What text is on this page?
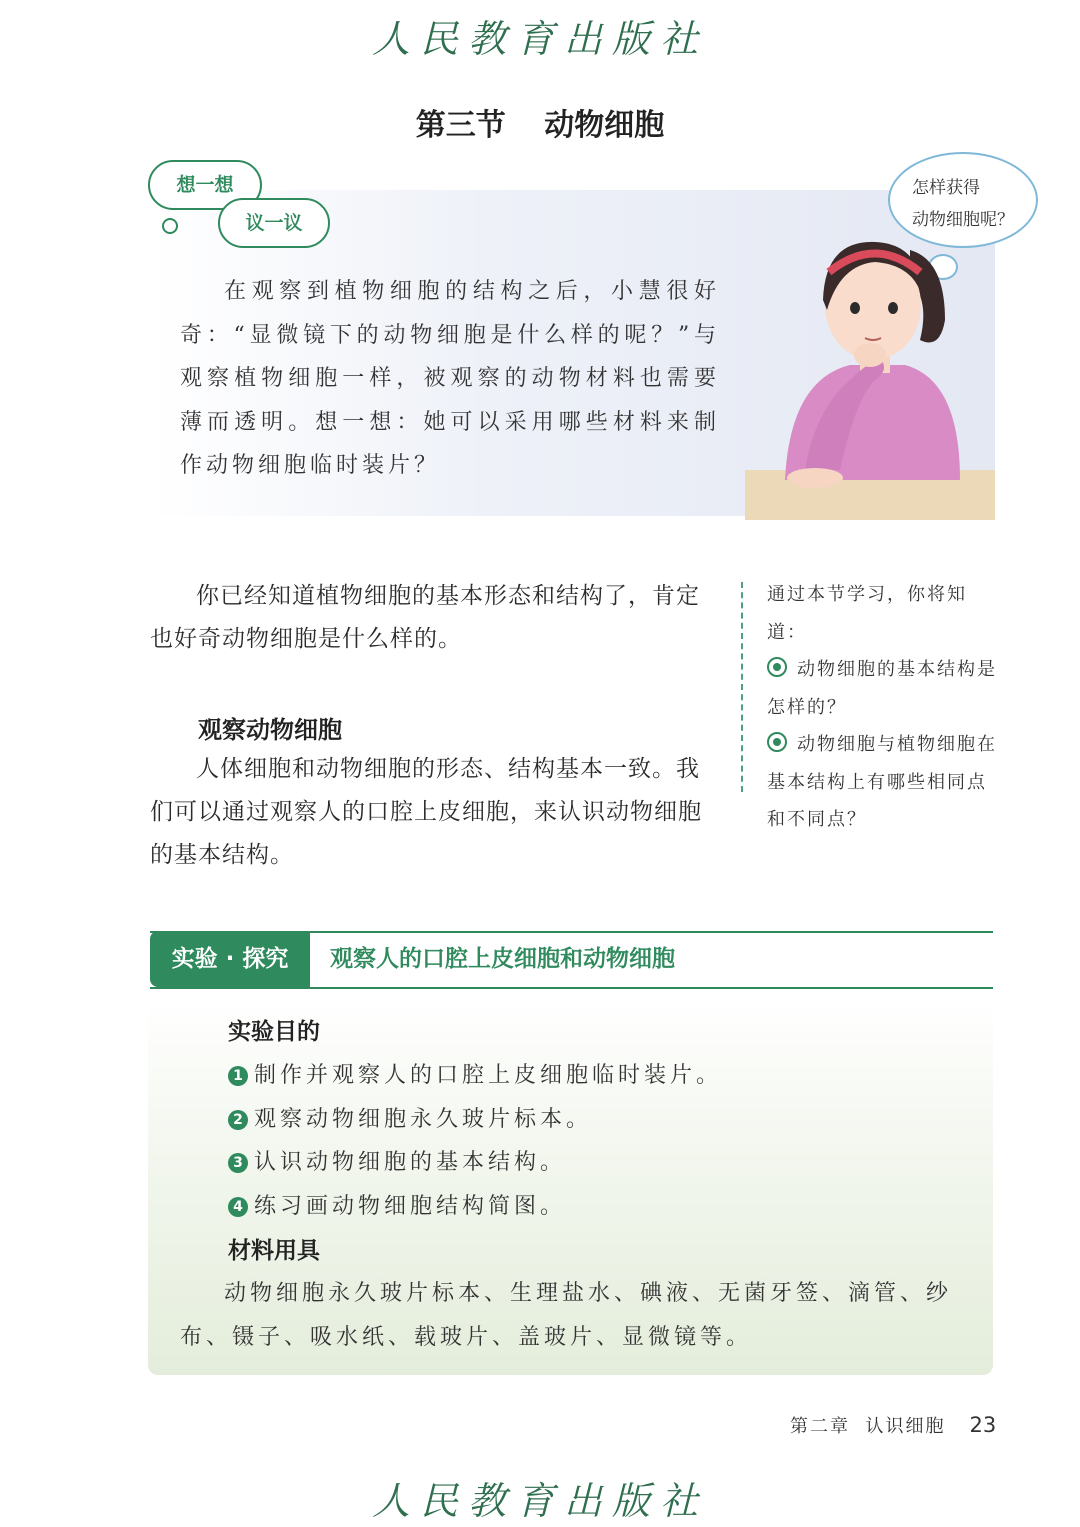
人民教育出版社
第三节 动物细胞
想一想
议一议

在观察到植物细胞的结构之后，小慧很好奇：“显微镜下的动物细胞是什么样的呢？”与观察植物细胞一样，被观察的动物材料也需要薄而透明。想一想：她可以采用哪些材料来制作动物细胞临时装片？

怎样获得
动物细胞呢？

你已经知道植物细胞的基本形态和结构了，肯定也好奇动物细胞是什么样的。

观察动物细胞

人体细胞和动物细胞的形态、结构基本一致。我们可以通过观察人的口腔上皮细胞，来认识动物细胞的基本结构。

通过本节学习，你将知道：
动物细胞的基本结构是怎样的？
动物细胞与植物细胞在基本结构上有哪些相同点和不同点？
实验 · 探究	观察人的口腔上皮细胞和动物细胞
实验目的
1 制作并观察人的口腔上皮细胞临时装片。
2 观察动物细胞永久玻片标本。
3 认识动物细胞的基本结构。
4 练习画动物细胞结构简图。
材料用具

动物细胞永久玻片标本、生理盐水、碘液、无菌牙签、滴管、纱布、镊子、吸水纸、载玻片、盖玻片、显微镜等。

第二章 认识细胞 23
人民教育出版社
